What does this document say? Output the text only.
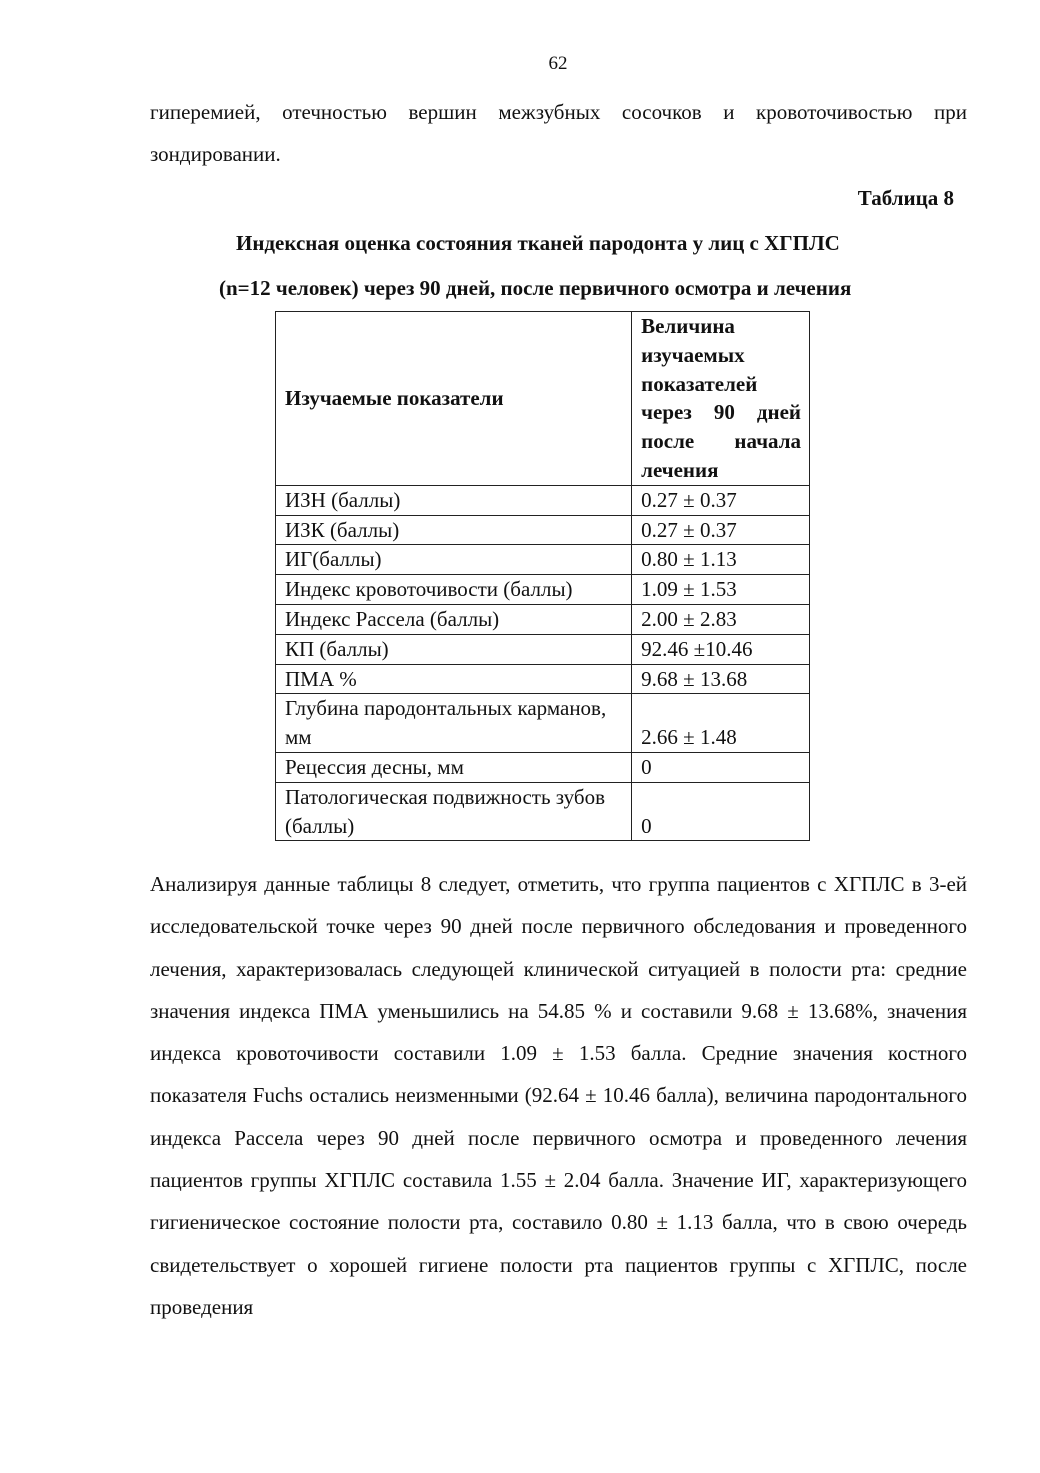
62

гиперемией, отечностью вершин межзубных сосочков и кровоточивостью при зондировании.

Таблица 8
Индексная оценка состояния тканей пародонта у лиц с ХГПЛС
(n=12 человек) через 90 дней, после первичного осмотра и лечения
Изучаемые показатели	Величина изучаемых показателей через 90 дней после начала лечения
ИЗН (баллы)	0.27 ± 0.37
ИЗК (баллы)	0.27 ± 0.37
ИГ(баллы)	0.80 ± 1.13
Индекс кровоточивости (баллы)	1.09 ± 1.53
Индекс Рассела (баллы)	2.00 ± 2.83
КП (баллы)	92.46 ±10.46
ПМА %	9.68 ± 13.68
Глубина пародонтальных карманов, мм	2.66 ± 1.48
Рецессия десны, мм	0
Патологическая подвижность зубов (баллы)	0

Анализируя данные таблицы 8 следует, отметить, что группа пациентов с ХГПЛС в 3-ей исследовательской точке через 90 дней после первичного обследования и проведенного лечения, характеризовалась следующей клинической ситуацией в полости рта: средние значения индекса ПМА уменьшились на 54.85 % и составили 9.68 ± 13.68%, значения индекса кровоточивости составили 1.09 ± 1.53 балла. Средние значения костного показателя Fuchs остались неизменными (92.64 ± 10.46 балла), величина пародонтального индекса Рассела через 90 дней после первичного осмотра и проведенного лечения пациентов группы ХГПЛС составила 1.55 ± 2.04 балла. Значение ИГ, характеризующего гигиеническое состояние полости рта, составило 0.80 ± 1.13 балла, что в свою очередь свидетельствует о хорошей гигиене полости рта пациентов группы с ХГПЛС, после проведения
